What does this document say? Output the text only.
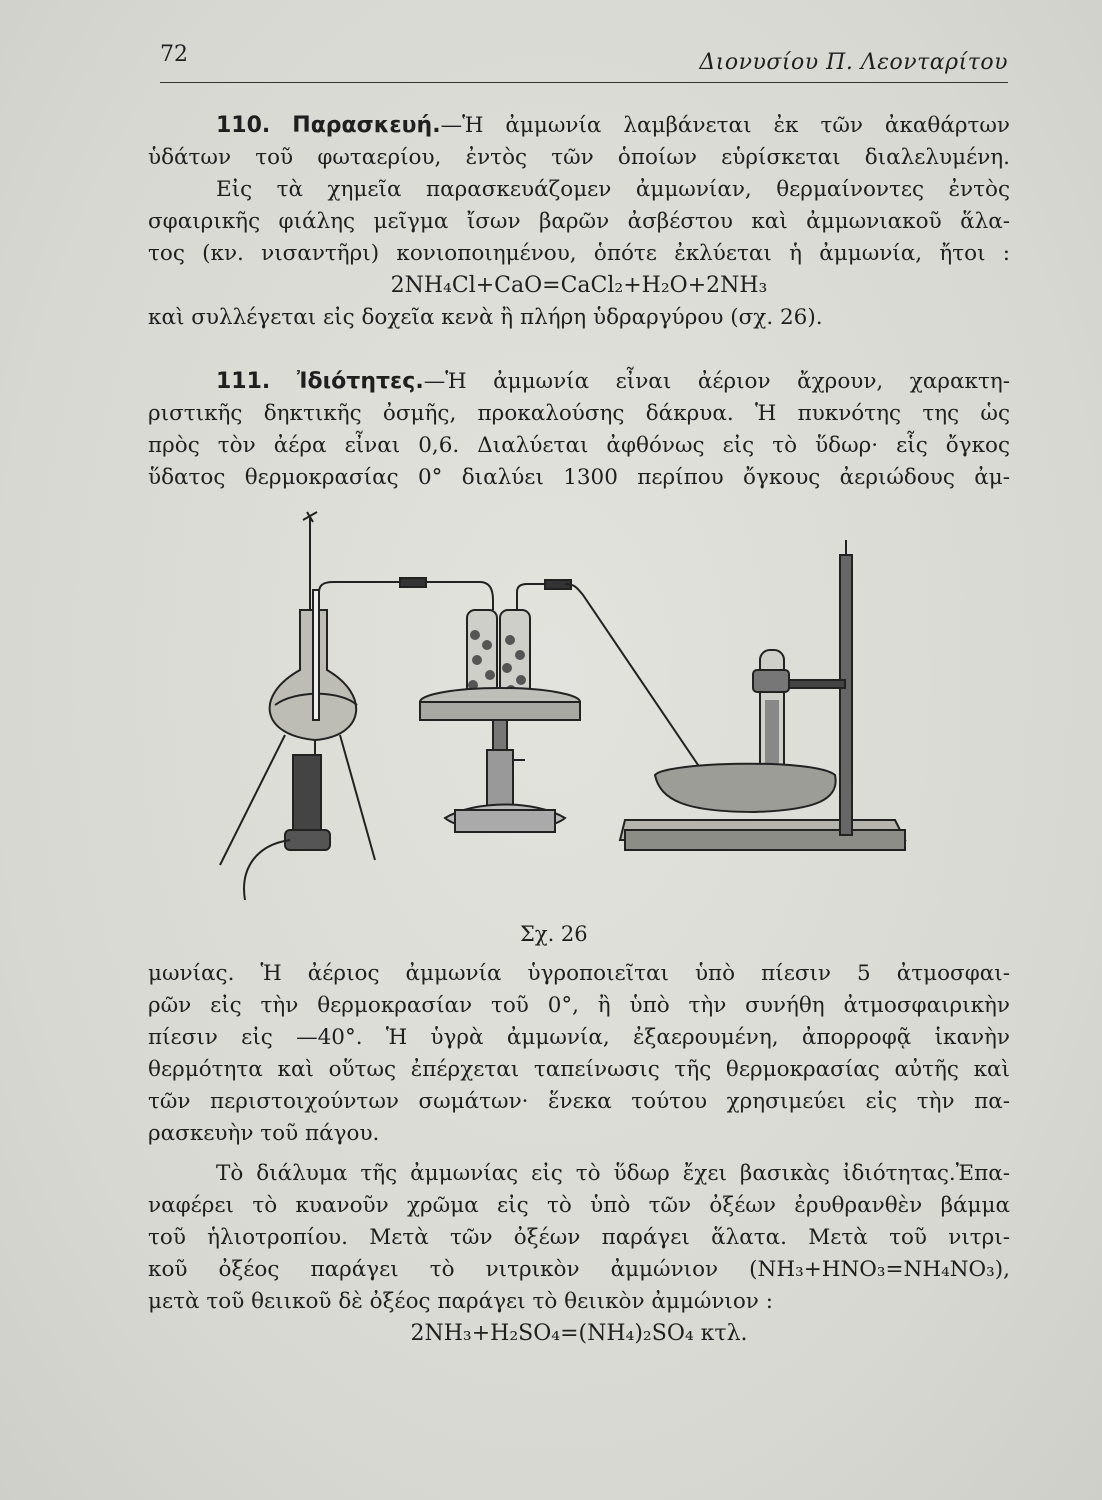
72	Διονυσίου Π. Λεονταρίτου
110. Παρασκευή.—Ἡ ἀμμωνία λαμβάνεται ἐκ τῶν ἀκαθάρτων
ὑδάτων τοῦ φωταερίου, ἐντὸς τῶν ὁποίων εὑρίσκεται διαλελυμένη.
Εἰς τὰ χημεῖα παρασκευάζομεν ἀμμωνίαν, θερμαίνοντες ἐντὸς
σφαιρικῆς φιάλης μεῖγμα ἴσων βαρῶν ἀσβέστου καὶ ἀμμωνιακοῦ ἅλα-
τος (κν. νισαντῆρι) κονιοποιημένου, ὁπότε ἐκλύεται ἡ ἀμμωνία, ἤτοι :
2NH₄Cl+CaO=CaCl₂+H₂O+2NH₃
καὶ συλλέγεται εἰς δοχεῖα κενὰ ἢ πλήρη ὑδραργύρου (σχ. 26).
111. Ἰδιότητες.—Ἡ ἀμμωνία εἶναι ἀέριον ἄχρουν, χαρακτη-
ριστικῆς δηκτικῆς ὀσμῆς, προκαλούσης δάκρυα. Ἡ πυκνότης της ὡς
πρὸς τὸν ἀέρα εἶναι 0,6. Διαλύεται ἀφθόνως εἰς τὸ ὕδωρ· εἷς ὄγκος
ὕδατος θερμοκρασίας 0° διαλύει 1300 περίπου ὄγκους ἀεριώδους ἀμ-
Σχ. 26
μωνίας. Ἡ ἀέριος ἀμμωνία ὑγροποιεῖται ὑπὸ πίεσιν 5 ἀτμοσφαι-
ρῶν εἰς τὴν θερμοκρασίαν τοῦ 0°, ἢ ὑπὸ τὴν συνήθη ἀτμοσφαιρικὴν
πίεσιν εἰς —40°. Ἡ ὑγρὰ ἀμμωνία, ἐξαερουμένη, ἀπορροφᾷ ἱκανὴν
θερμότητα καὶ οὕτως ἐπέρχεται ταπείνωσις τῆς θερμοκρασίας αὐτῆς καὶ
τῶν περιστοιχούντων σωμάτων· ἕνεκα τούτου χρησιμεύει εἰς τὴν πα-
ρασκευὴν τοῦ πάγου.
Τὸ διάλυμα τῆς ἀμμωνίας εἰς τὸ ὕδωρ ἔχει βασικὰς ἰδιότητας.Ἐπα-
ναφέρει τὸ κυανοῦν χρῶμα εἰς τὸ ὑπὸ τῶν ὀξέων ἐρυθρανθὲν βάμμα
τοῦ ἡλιοτροπίου. Μετὰ τῶν ὀξέων παράγει ἅλατα. Μετὰ τοῦ νιτρι-
κοῦ ὀξέος παράγει τὸ νιτρικὸν ἀμμώνιον (NH₃+HNO₃=NH₄NO₃),
μετὰ τοῦ θειικοῦ δὲ ὀξέος παράγει τὸ θειικὸν ἀμμώνιον :
2NH₃+H₂SO₄=(NH₄)₂SO₄ κτλ.
